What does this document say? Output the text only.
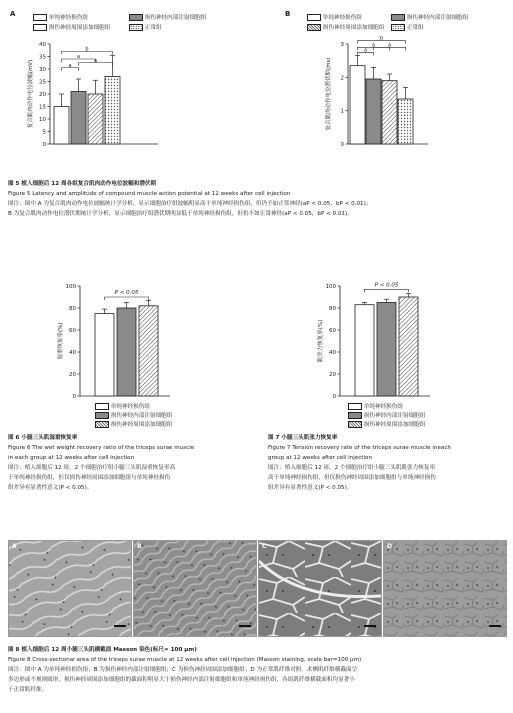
A	B
单纯神经损伤组	损伤神经内部注射细胞组
损伤神经周围添加细胞组	正常组
单纯神经损伤组	损伤神经内部注射细胞组
损伤神经周围添加细胞组	正常组
0
5
10
15
20
25
30
35
40
复合肌肉动作电位波幅(mV)	a
a
a
b
0
1
2
3
复合肌肉动作电位潜伏期(ms)
a
a
a
b
图 5 植入细胞后 12 周各组复合肌肉动作电位波幅和潜伏期
Figure 5 Latency and amplitude of compound muscle action potential at 12 weeks after cell injection
图注：图中 A 为复合肌肉动作电位波幅统计学分析，显示细胞治疗组波幅明显高于单纯神经损伤组，但仍不如正常神经(aP < 0.05，bP < 0.01)；
B 为复合肌肉动作电位潜伏期统计学分析，显示细胞治疗组潜伏期明显低于单纯神经损伤组，但仍不如正常神经(aP < 0.05，bP < 0.01)。
0
20
40
60
80
100
湿重恢复率(%)
P < 0.05
单纯神经损伤组
损伤神经内部注射细胞组
损伤神经周围添加细胞组
图 6 小腿三头肌湿重恢复率
Figure 6 The wet weight recovery ratio of the triceps surae muscle
in each group at 12 weeks after cell injection
图注：植入细胞后 12 周，2 个细胞治疗组小腿三头肌湿重恢复率高
于单纯神经损伤组，但仅损伤神经周围添加细胞组与单纯神经损伤
组差异有显著性意义(P < 0.05)。
0
20
40
60
80
100
肌张力恢复率(%)
P < 0.05
单纯神经损伤组
损伤神经内部注射细胞组
损伤神经周围添加细胞组
图 7 小腿三头肌张力恢复率
Figure 7 Tension recovery rate of the triceps surae muscle ineach
group at 12 weeks after cell injection
图注：植入细胞后 12 周，2 个细胞治疗组小腿三头肌肌张力恢复率
高于单纯神经损伤组，但仅损伤神经周围添加细胞组与单纯神经损伤
组差异有显著性意义(P < 0.05)。
A	B	C	D
图 8 植入细胞后 12 周小腿三头肌横截面 Masson 染色(标尺= 100 μm)
Figure 8 Cross-sectional area of the triceps surae muscle at 12 weeks after cell injection (Masson staining, scale bar=100 μm)
图注：图中 A 为单纯神经损伤组；B 为损伤神经内部注射细胞组；C 为损伤神经周围添加细胞组；D 为正常肌纤维对照。术侧肌纤维横截面呈
多边形或不规则圆形，损伤神经周围添加细胞组的截面积明显大于损伤神经内部注射细胞组和单纯神经损伤组，各组肌纤维横截面积均显著小
于正常肌纤维。
